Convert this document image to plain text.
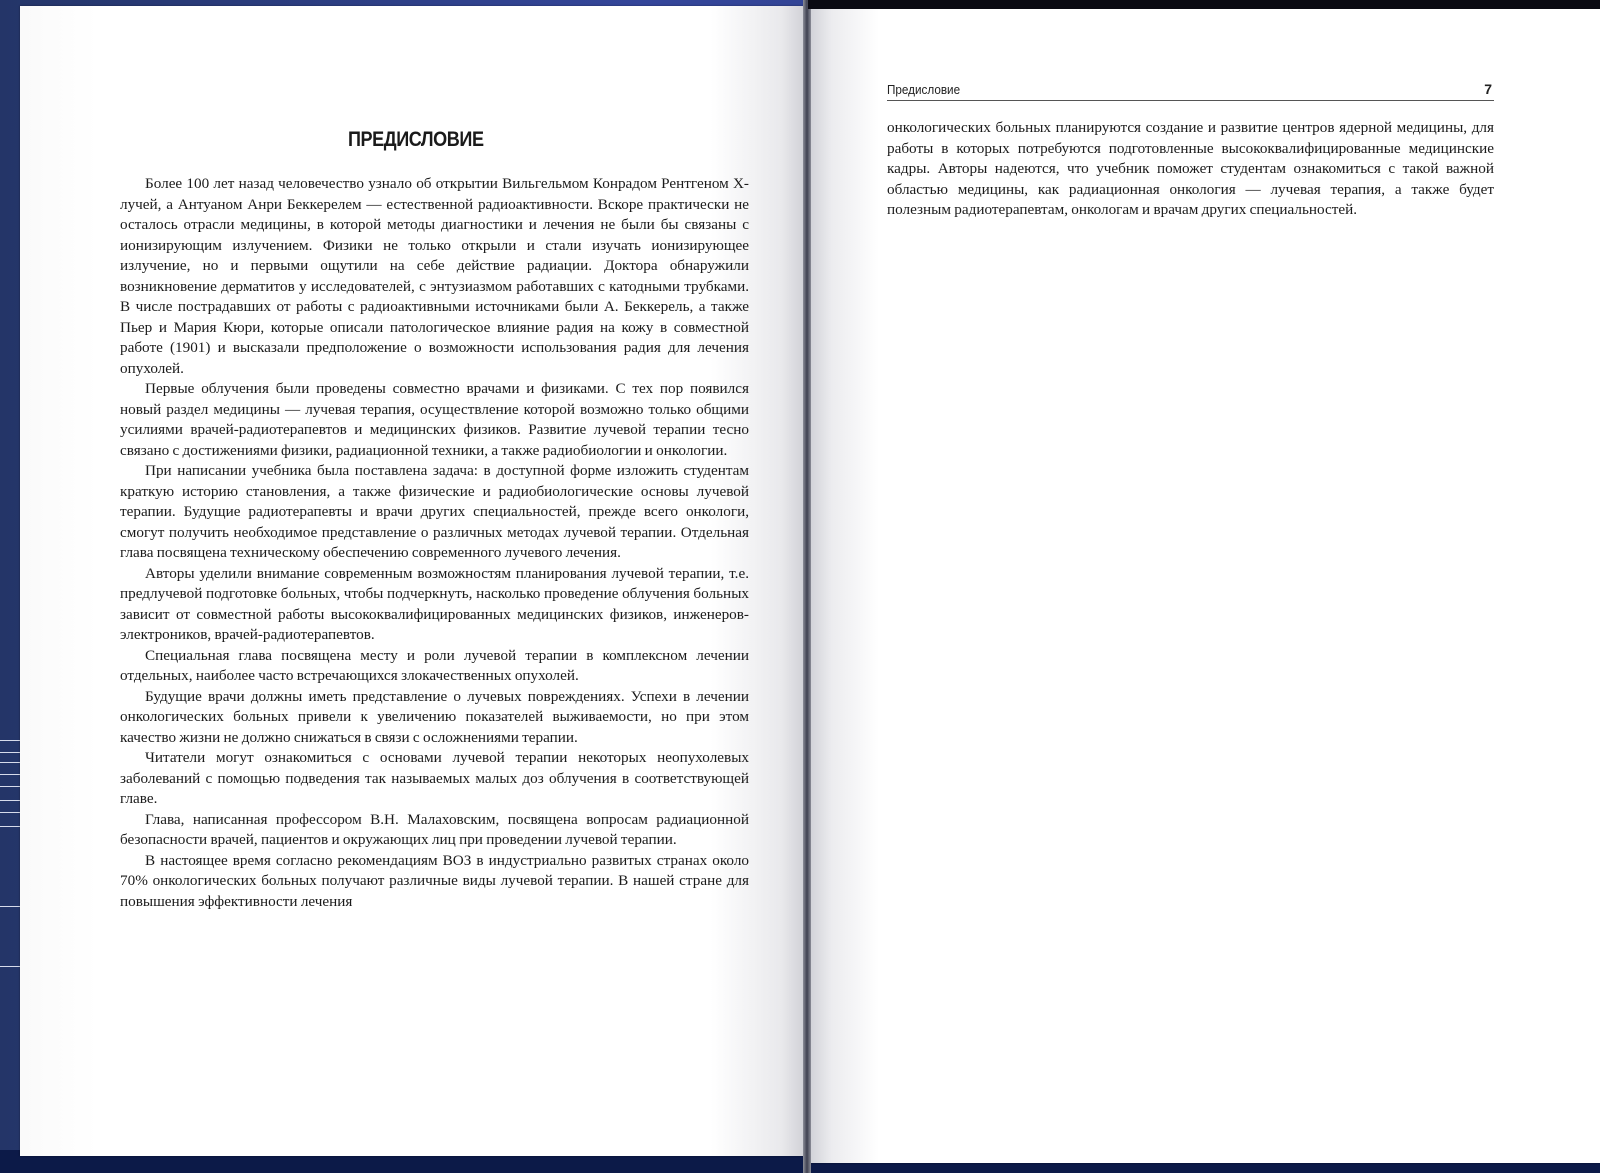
ПРЕДИСЛОВИЕ

Более 100 лет назад человечество узнало об открытии Вильгельмом Конрадом Рентгеном X-лучей, а Антуаном Анри Беккерелем — естественной радиоактивности. Вскоре практически не осталось отрасли медицины, в которой методы диагностики и лечения не были бы связаны с ионизирующим излучением. Физики не только открыли и стали изучать ионизирующее излучение, но и первыми ощутили на себе действие радиации. Доктора обнаружили возникновение дерматитов у исследователей, с энтузиазмом работавших с катодными трубками. В числе пострадавших от работы с радиоактивными источниками были А. Беккерель, а также Пьер и Мария Кюри, которые описали патологическое влияние радия на кожу в совместной работе (1901) и высказали предположение о возможности использования радия для лечения опухолей.

Первые облучения были проведены совместно врачами и физиками. С тех пор появился новый раздел медицины — лучевая терапия, осуществление которой возможно только общими усилиями врачей-радиотерапевтов и медицинских физиков. Развитие лучевой терапии тесно связано с достижениями физики, радиационной техники, а также радиобиологии и онкологии.

При написании учебника была поставлена задача: в доступной форме изложить студентам краткую историю становления, а также физические и радиобиологические основы лучевой терапии. Будущие радиотерапевты и врачи других специальностей, прежде всего онкологи, смогут получить необходимое представление о различных методах лучевой терапии. Отдельная глава посвящена техническому обеспечению современного лучевого лечения.

Авторы уделили внимание современным возможностям планирования лучевой терапии, т.е. предлучевой подготовке больных, чтобы подчеркнуть, насколько проведение облучения больных зависит от совместной работы высококвалифицированных медицинских физиков, инженеров-электроников, врачей-радиотерапевтов.

Специальная глава посвящена месту и роли лучевой терапии в комплексном лечении отдельных, наиболее часто встречающихся злокачественных опухолей.

Будущие врачи должны иметь представление о лучевых повреждениях. Успехи в лечении онкологических больных привели к увеличению показателей выживаемости, но при этом качество жизни не должно снижаться в связи с осложнениями терапии.

Читатели могут ознакомиться с основами лучевой терапии некоторых неопухолевых заболеваний с помощью подведения так называемых малых доз облучения в соответствующей главе.

Глава, написанная профессором В.Н. Малаховским, посвящена вопросам радиационной безопасности врачей, пациентов и окружающих лиц при проведении лучевой терапии.

В настоящее время согласно рекомендациям ВОЗ в индустриально развитых странах около 70% онкологических больных получают различные виды лучевой терапии. В нашей стране для повышения эффективности лечения

Предисловие	7

онкологических больных планируются создание и развитие центров ядерной медицины, для работы в которых потребуются подготовленные высококвалифицированные медицинские кадры. Авторы надеются, что учебник поможет студентам ознакомиться с такой важной областью медицины, как радиационная онкология — лучевая терапия, а также будет полезным радиотерапевтам, онкологам и врачам других специальностей.
